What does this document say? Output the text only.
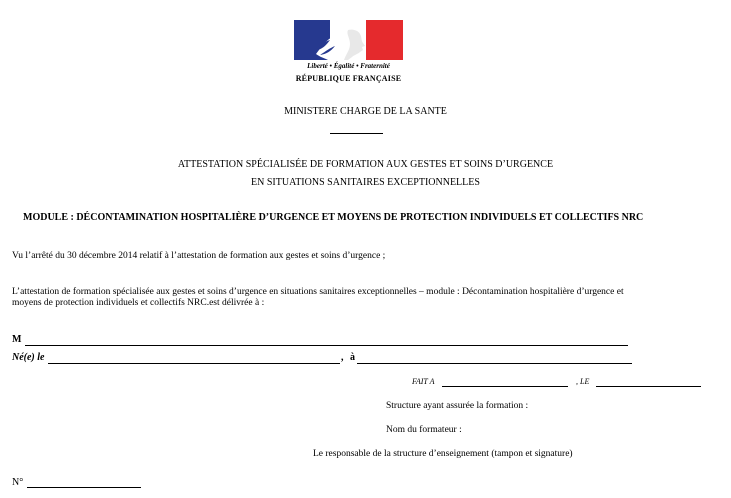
Liberté • Égalité • Fraternité
RÉPUBLIQUE FRANÇAISE
MINISTERE CHARGE DE LA SANTE
ATTESTATION SPÉCIALISÉE DE FORMATION AUX GESTES ET SOINS D’URGENCE
EN SITUATIONS SANITAIRES EXCEPTIONNELLES
MODULE : DÉCONTAMINATION HOSPITALIÈRE D’URGENCE ET MOYENS DE PROTECTION INDIVIDUELS ET COLLECTIFS NRC
Vu l’arrêté du 30 décembre 2014 relatif à l’attestation de formation aux gestes et soins d’urgence ;
L’attestation de formation spécialisée aux gestes et soins d’urgence en situations sanitaires exceptionnelles – module : Décontamination hospitalière d’urgence et
moyens de protection individuels et collectifs NRC.est délivrée à :
M
Né(e) le	, à
FAIT A	, LE
Structure ayant assurée la formation :
Nom du formateur :
Le responsable de la structure d’enseignement (tampon et signature)
N°
